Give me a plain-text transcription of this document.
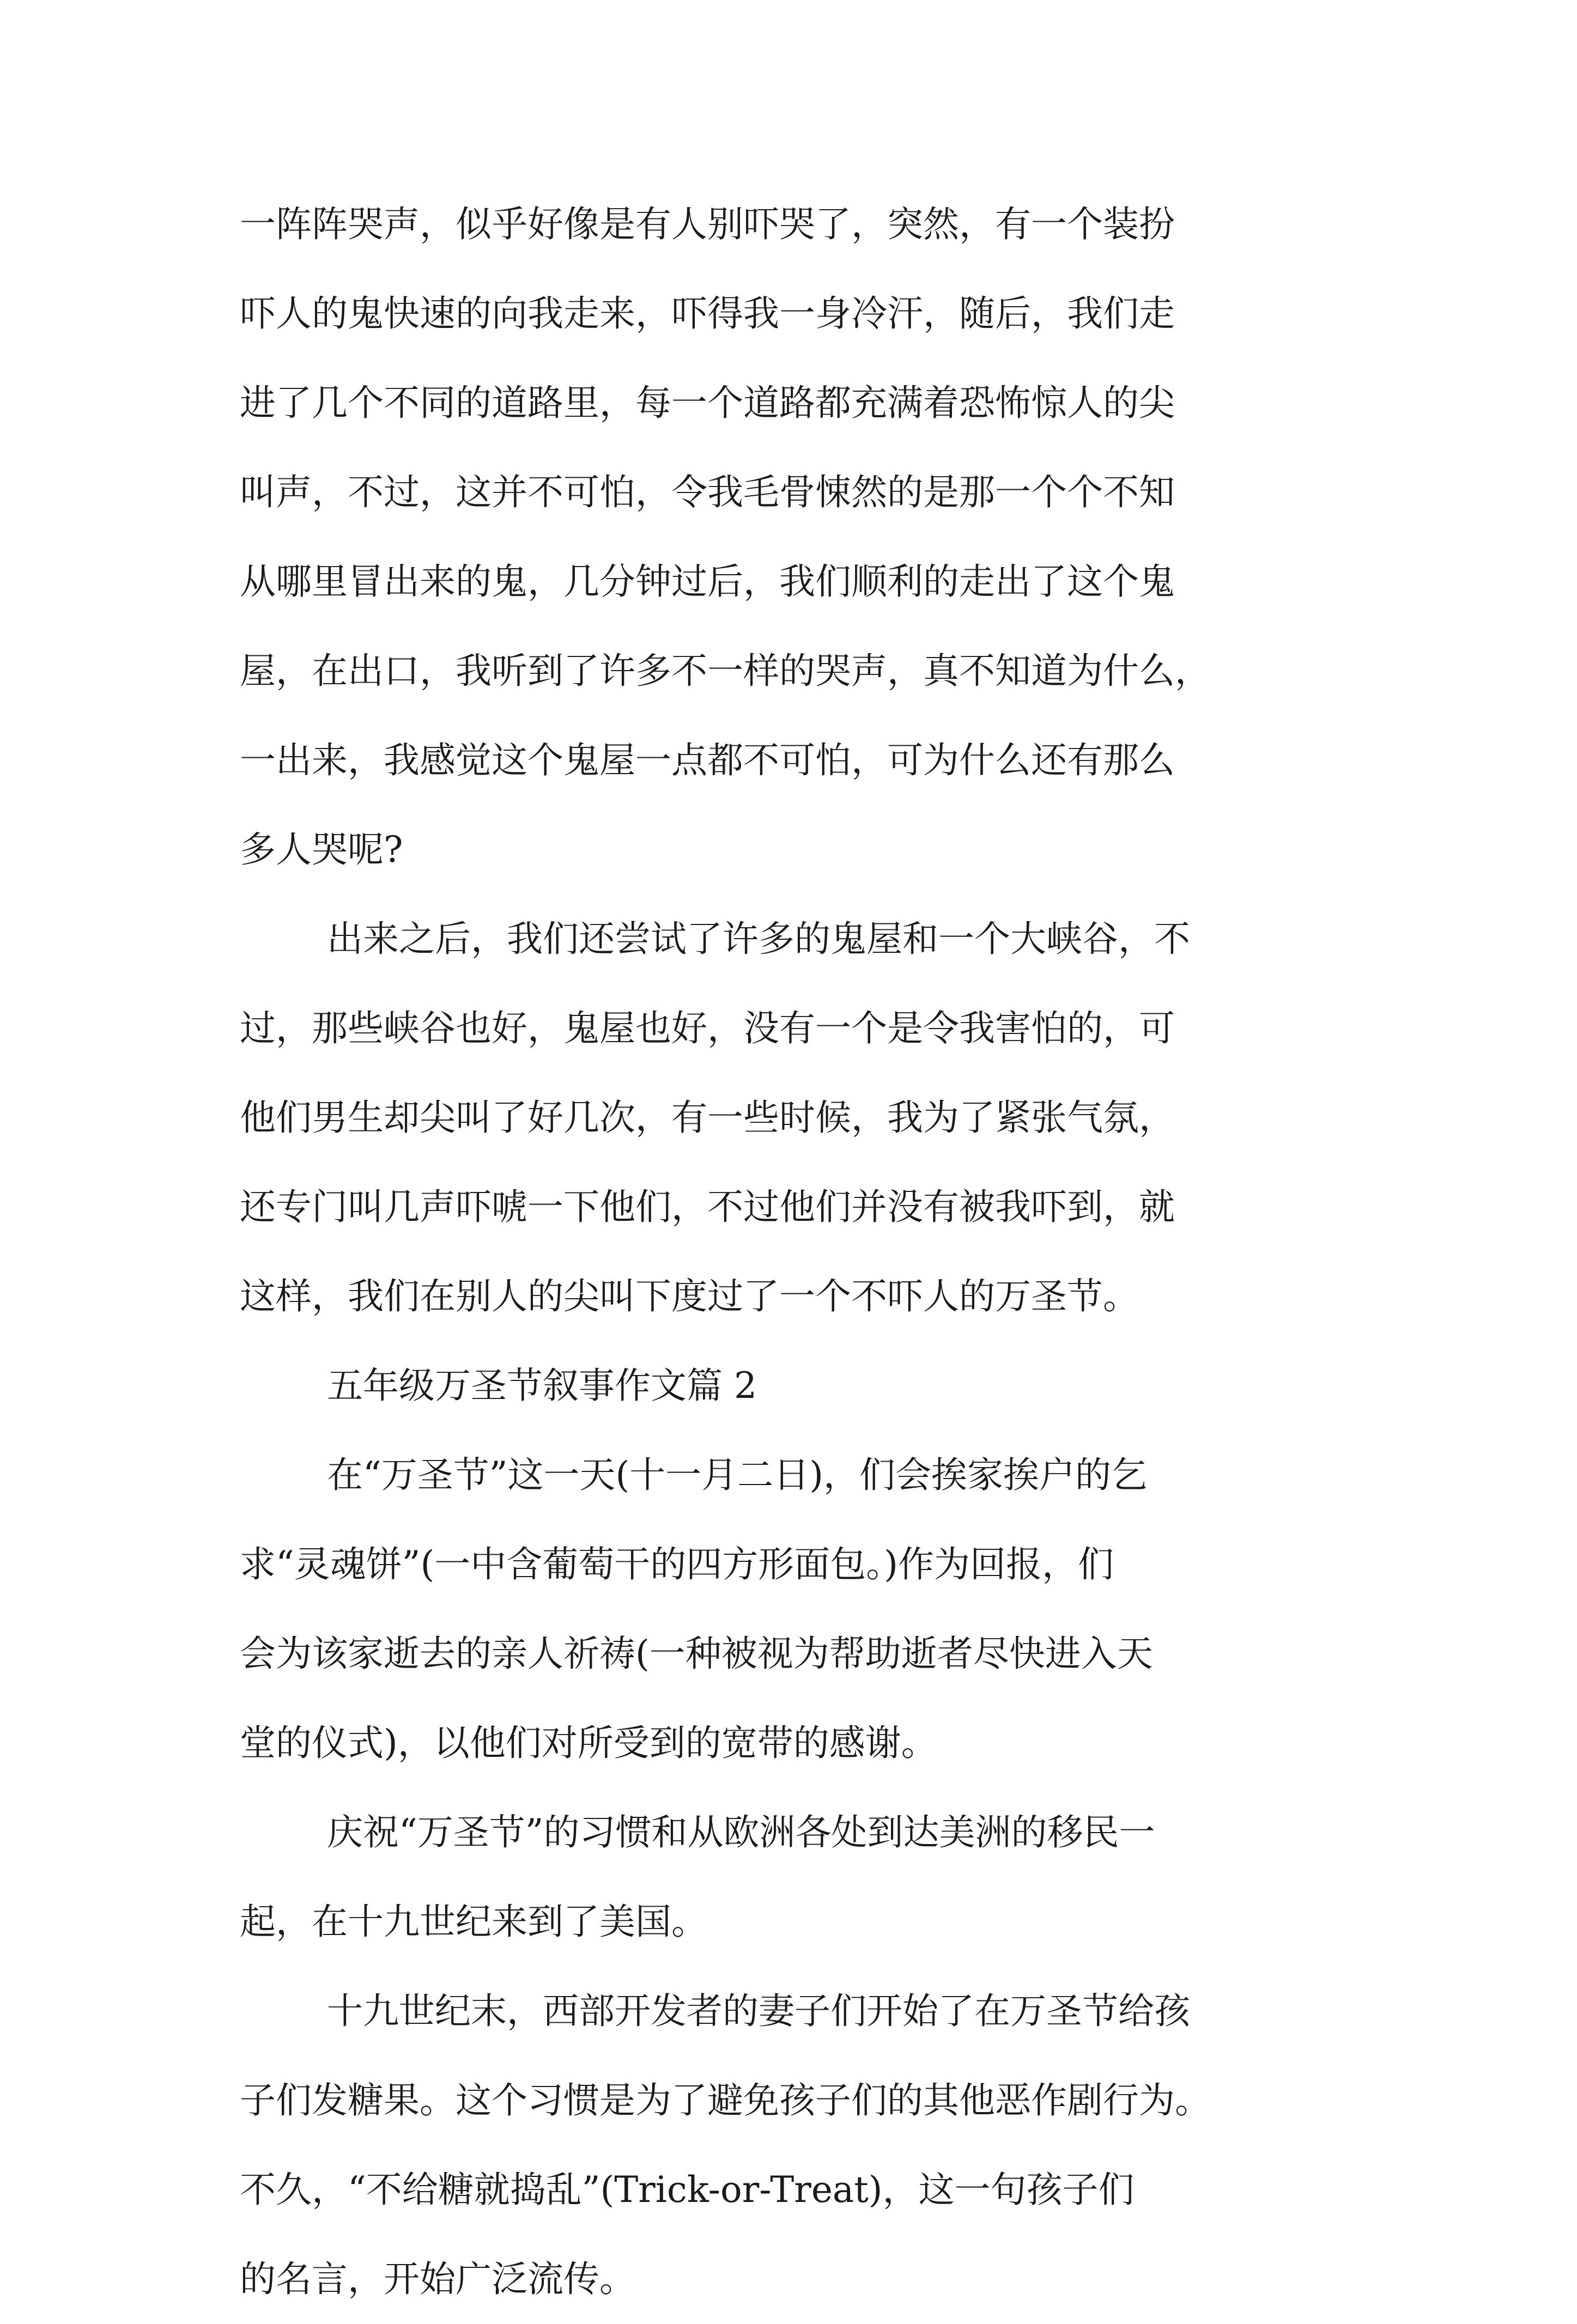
一阵阵哭声，似乎好像是有人别吓哭了，突然，有一个装扮
吓人的鬼快速的向我走来，吓得我一身冷汗，随后，我们走
进了几个不同的道路里，每一个道路都充满着恐怖惊人的尖
叫声，不过，这并不可怕，令我毛骨悚然的是那一个个不知
从哪里冒出来的鬼，几分钟过后，我们顺利的走出了这个鬼
屋，在出口，我听到了许多不一样的哭声，真不知道为什么，
一出来，我感觉这个鬼屋一点都不可怕，可为什么还有那么
多人哭呢?
出来之后，我们还尝试了许多的鬼屋和一个大峡谷，不
过，那些峡谷也好，鬼屋也好，没有一个是令我害怕的，可
他们男生却尖叫了好几次，有一些时候，我为了紧张气氛，
还专门叫几声吓唬一下他们，不过他们并没有被我吓到，就
这样，我们在别人的尖叫下度过了一个不吓人的万圣节。
五年级万圣节叙事作文篇 2
在“万圣节”这一天(十一月二日)，们会挨家挨户的乞
求“灵魂饼”(一中含葡萄干的四方形面包。)作为回报，们
会为该家逝去的亲人祈祷(一种被视为帮助逝者尽快进入天
堂的仪式)，以他们对所受到的宽带的感谢。
庆祝“万圣节”的习惯和从欧洲各处到达美洲的移民一
起，在十九世纪来到了美国。
十九世纪末，西部开发者的妻子们开始了在万圣节给孩
子们发糖果。这个习惯是为了避免孩子们的其他恶作剧行为。
不久，“不给糖就捣乱”(Trick-or-Treat)，这一句孩子们
的名言，开始广泛流传。
